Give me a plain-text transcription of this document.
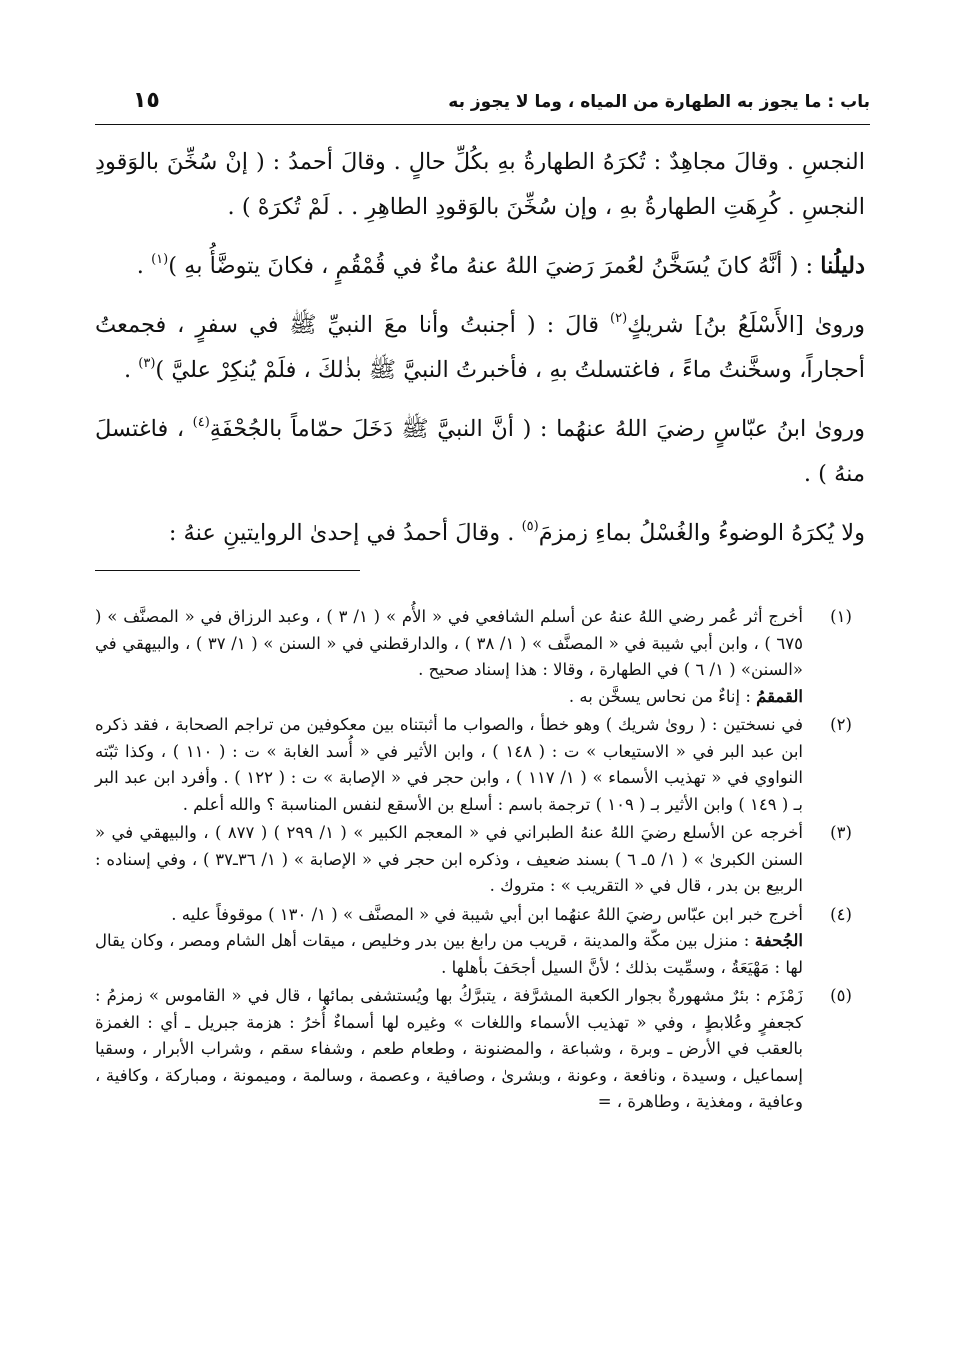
باب : ما يجوز به الطهارة من المياه ، وما لا يجوز به
١٥

النجسِ . وقالَ مجاهِدٌ : تُكرَهُ الطهارةُ بهِ بكُلِّ حالٍ . وقالَ أحمدُ : ( إنْ سُخِّنَ بالوَقودِ النجسِ . كُرِهَتِ الطهارةُ بهِ ، وإن سُخِّنَ بالوَقودِ الطاهِرِ . . لَمْ تُكرَهْ ) .

دليلُنا : ( أنَّهُ كانَ يُسَخَّنُ لعُمرَ رَضيَ اللهُ عنهُ ماءٌ في قُمْقُمٍ ، فكانَ يتوضَّأُ بهِ )$^{(١)}$ .

وروىٰ [الأَسْلَعُ بنُ] شريكٍ$^{(٢)}$ قالَ : ( أجنبتُ وأنا معَ النبيِّ ﷺ في سفرٍ ، فجمعتُ أحجاراً، وسخَّنتُ ماءً ، فاغتسلتُ بهِ ، فأخبرتُ النبيَّ ﷺ بذٰلكَ ، فلَمْ يُنكِرْ عليَّ )$^{(٣)}$ .

وروىٰ ابنُ عبّاسٍ رضيَ اللهُ عنهُما : ( أنَّ النبيَّ ﷺ دَخَلَ حمّاماً بالجُحْفَةِ$^{(٤)}$ ، فاغتسلَ منهُ ) .

ولا يُكرَهُ الوضوءُ والغُسْلُ بماءِ زمزمَ$^{(٥)}$ . وقالَ أحمدُ في إحدىٰ الروايتينِ عنهُ :

(١)
أخرج أثر عُمر رضي اللهُ عنهُ عن أسلم الشافعي في « الأُم » ( ١/ ٣ ) ، وعبد الرزاق في « المصنَّف » ( ٦٧٥ ) ، وابن أبي شيبة في « المصنَّف » ( ١/ ٣٨ ) ، والدارقطني في « السنن » ( ١/ ٣٧ ) ، والبيهقي في «السنن» ( ١/ ٦ ) في الطهارة ، وقالا : هذا إسناد صحيح .
القمقمُ : إناءٌ من نحاس يسخَّن به .
(٢)
في نسختين : ( روىٰ شريك ) وهو خطأ ، والصواب ما أثبتناه بين معكوفين من تراجم الصحابة ، فقد ذكره ابن عبد البر في « الاستيعاب » ت : ( ١٤٨ ) ، وابن الأثير في « أُسد الغابة » ت : ( ١١٠ ) ، وكذا ثبّته النواوي في « تهذيب الأسماء » ( ١/ ١١٧ ) ، وابن حجر في « الإصابة » ت : ( ١٢٢ ) . وأفرد ابن عبد البر بـ ( ١٤٩ ) وابن الأثير بـ ( ١٠٩ ) ترجمة باسم : أسلع بن الأسقع لنفس المناسبة ؟ والله أعلم .
(٣)
أخرجه عن الأسلع رضيَ اللهُ عنهُ الطبراني في « المعجم الكبير » ( ١/ ٢٩٩ ) ( ٨٧٧ ) ، والبيهقي في « السنن الكبرىٰ » ( ١/ ٥ـ ٦ ) بسند ضعيف ، وذكره ابن حجر في « الإصابة » ( ١/ ٣٦ـ٣٧ ) ، وفي إسناده : الربيع بن بدر ، قال في « التقريب » : متروك .
(٤)
أخرج خبر ابن عبّاس رضيَ اللهُ عنهُما ابن أبي شيبة في « المصنَّف » ( ١/ ١٣٠ ) موقوفاً عليه .
الجُحفة : منزل بين مكّة والمدينة ، قريب من رابغ بين بدر وخليص ، ميقات أهل الشام ومصر ، وكان يقال لها : مَهْيَعَةُ ، وسمِّيت بذلك ؛ لأنَّ السيل أجحَفَ بأهلها .
(٥)
زَمْزَم : بئرٌ مشهورةٌ بجوار الكعبة المشرَّفة ، يتبرَّكُ بها ويُستشفى بمائها ، قال في « القاموس » زمزمُ : كجعفرٍ وعُلابطٍ ، وفي « تهذيب الأسماء واللغات » وغيره لها أسماءٌ أُخرُ : هزمة جبريل ـ أي : الغمزة بالعقب في الأرض ـ وبرة ، وشباعة ، والمضنونة ، وطعام طعم ، وشفاء سقم ، وشراب الأبرار ، وسقيا إسماعيل ، وسيدة ، ونافعة ، وعونة ، وبشرىٰ ، وصافية ، وعصمة ، وسالمة ، وميمونة ، ومباركة ، وكافية ، وعافية ، ومغذية ، وطاهرة ، =
